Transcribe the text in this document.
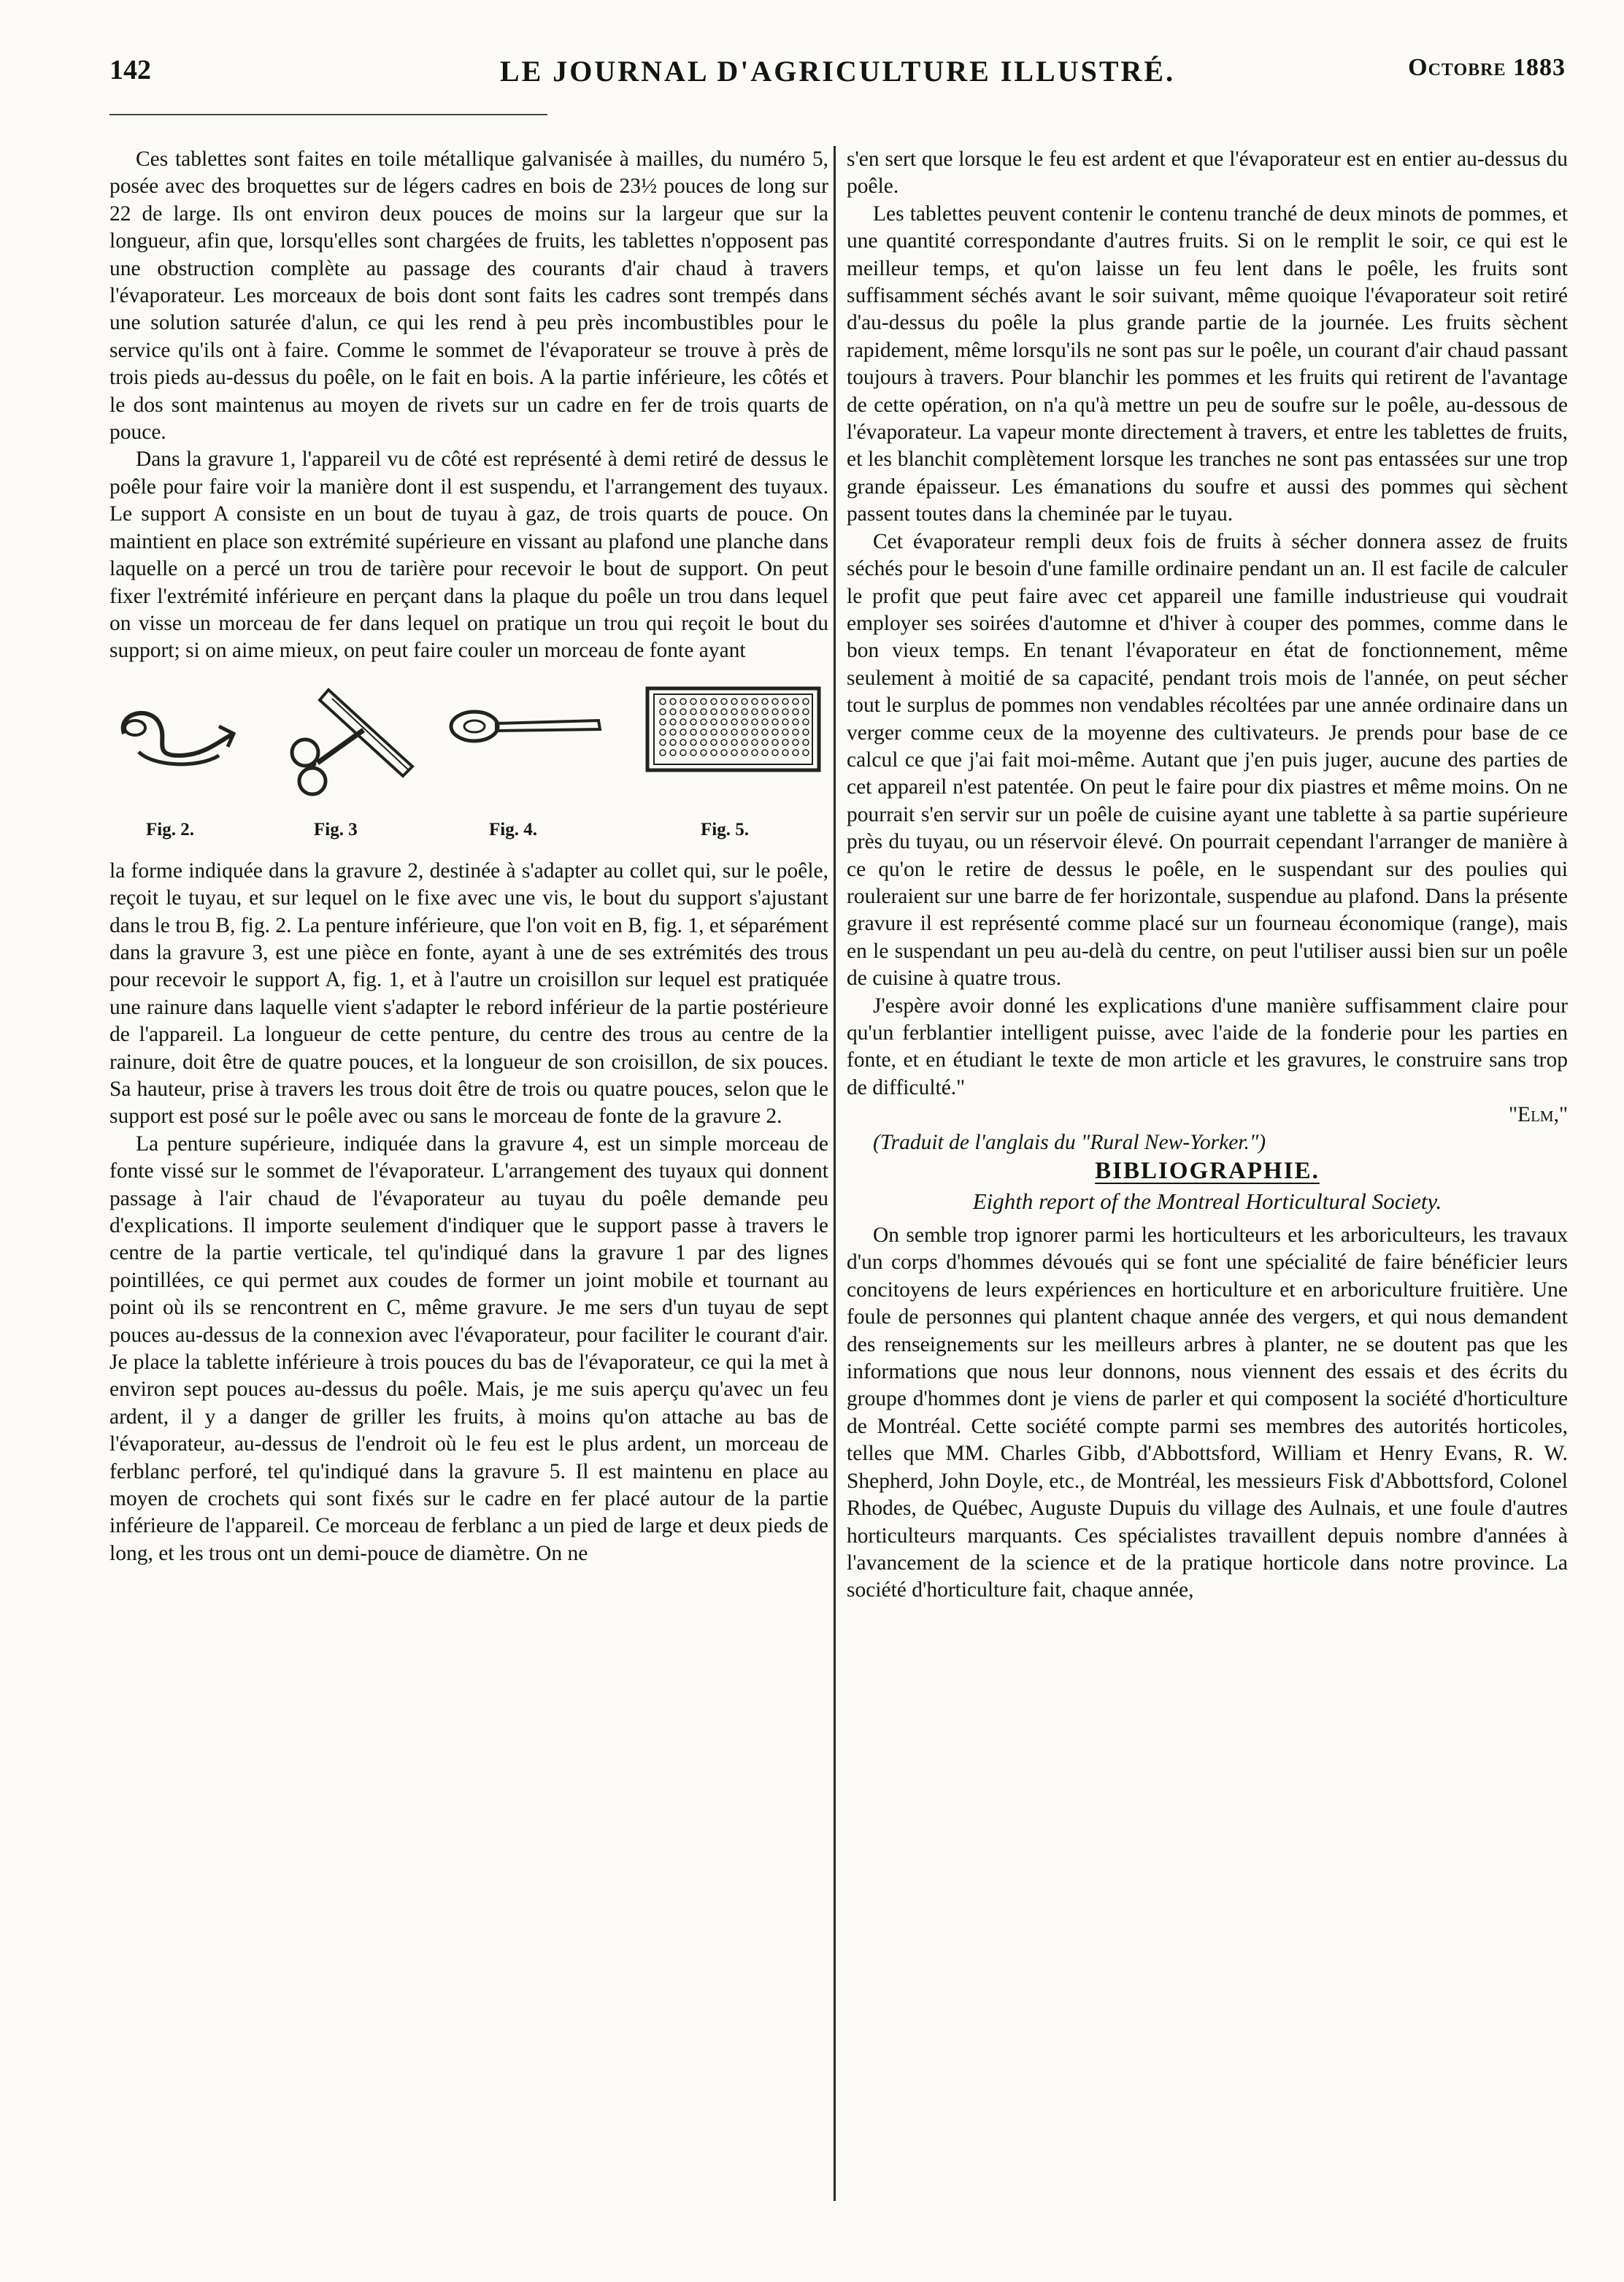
142	LE JOURNAL D'AGRICULTURE ILLUSTRÉ.	Octobre 1883

Ces tablettes sont faites en toile métallique galvanisée à mailles, du numéro 5, posée avec des broquettes sur de légers cadres en bois de 23½ pouces de long sur 22 de large. Ils ont environ deux pouces de moins sur la largeur que sur la longueur, afin que, lorsqu'elles sont chargées de fruits, les tablettes n'opposent pas une obstruction complète au passage des courants d'air chaud à travers l'évaporateur. Les morceaux de bois dont sont faits les cadres sont trempés dans une solution saturée d'alun, ce qui les rend à peu près incombustibles pour le service qu'ils ont à faire. Comme le sommet de l'évaporateur se trouve à près de trois pieds au-dessus du poêle, on le fait en bois. A la partie inférieure, les côtés et le dos sont maintenus au moyen de rivets sur un cadre en fer de trois quarts de pouce.

Dans la gravure 1, l'appareil vu de côté est représenté à demi retiré de dessus le poêle pour faire voir la manière dont il est suspendu, et l'arrangement des tuyaux. Le support A consiste en un bout de tuyau à gaz, de trois quarts de pouce. On maintient en place son extrémité supérieure en vissant au plafond une planche dans laquelle on a percé un trou de tarière pour recevoir le bout de support. On peut fixer l'extrémité inférieure en perçant dans la plaque du poêle un trou dans lequel on visse un morceau de fer dans lequel on pratique un trou qui reçoit le bout du support; si on aime mieux, on peut faire couler un morceau de fonte ayant

Fig. 2.	Fig. 3	Fig. 4.	Fig. 5.

la forme indiquée dans la gravure 2, destinée à s'adapter au collet qui, sur le poêle, reçoit le tuyau, et sur lequel on le fixe avec une vis, le bout du support s'ajustant dans le trou B, fig. 2. La penture inférieure, que l'on voit en B, fig. 1, et séparément dans la gravure 3, est une pièce en fonte, ayant à une de ses extrémités des trous pour recevoir le support A, fig. 1, et à l'autre un croisillon sur lequel est pratiquée une rainure dans laquelle vient s'adapter le rebord inférieur de la partie postérieure de l'appareil. La longueur de cette penture, du centre des trous au centre de la rainure, doit être de quatre pouces, et la longueur de son croisillon, de six pouces. Sa hauteur, prise à travers les trous doit être de trois ou quatre pouces, selon que le support est posé sur le poêle avec ou sans le morceau de fonte de la gravure 2.

La penture supérieure, indiquée dans la gravure 4, est un simple morceau de fonte vissé sur le sommet de l'évaporateur. L'arrangement des tuyaux qui donnent passage à l'air chaud de l'évaporateur au tuyau du poêle demande peu d'explications. Il importe seulement d'indiquer que le support passe à travers le centre de la partie verticale, tel qu'indiqué dans la gravure 1 par des lignes pointillées, ce qui permet aux coudes de former un joint mobile et tournant au point où ils se rencontrent en C, même gravure. Je me sers d'un tuyau de sept pouces au-dessus de la connexion avec l'évaporateur, pour faciliter le courant d'air. Je place la tablette inférieure à trois pouces du bas de l'évaporateur, ce qui la met à environ sept pouces au-dessus du poêle. Mais, je me suis aperçu qu'avec un feu ardent, il y a danger de griller les fruits, à moins qu'on attache au bas de l'évaporateur, au-dessus de l'endroit où le feu est le plus ardent, un morceau de ferblanc perforé, tel qu'indiqué dans la gravure 5. Il est maintenu en place au moyen de crochets qui sont fixés sur le cadre en fer placé autour de la partie inférieure de l'appareil. Ce morceau de ferblanc a un pied de large et deux pieds de long, et les trous ont un demi-pouce de diamètre. On ne

s'en sert que lorsque le feu est ardent et que l'évaporateur est en entier au-dessus du poêle.

Les tablettes peuvent contenir le contenu tranché de deux minots de pommes, et une quantité correspondante d'autres fruits. Si on le remplit le soir, ce qui est le meilleur temps, et qu'on laisse un feu lent dans le poêle, les fruits sont suffisamment séchés avant le soir suivant, même quoique l'évaporateur soit retiré d'au-dessus du poêle la plus grande partie de la journée. Les fruits sèchent rapidement, même lorsqu'ils ne sont pas sur le poêle, un courant d'air chaud passant toujours à travers. Pour blanchir les pommes et les fruits qui retirent de l'avantage de cette opération, on n'a qu'à mettre un peu de soufre sur le poêle, au-dessous de l'évaporateur. La vapeur monte directement à travers, et entre les tablettes de fruits, et les blanchit complètement lorsque les tranches ne sont pas entassées sur une trop grande épaisseur. Les émanations du soufre et aussi des pommes qui sèchent passent toutes dans la cheminée par le tuyau.

Cet évaporateur rempli deux fois de fruits à sécher donnera assez de fruits séchés pour le besoin d'une famille ordinaire pendant un an. Il est facile de calculer le profit que peut faire avec cet appareil une famille industrieuse qui voudrait employer ses soirées d'automne et d'hiver à couper des pommes, comme dans le bon vieux temps. En tenant l'évaporateur en état de fonctionnement, même seulement à moitié de sa capacité, pendant trois mois de l'année, on peut sécher tout le surplus de pommes non vendables récoltées par une année ordinaire dans un verger comme ceux de la moyenne des cultivateurs. Je prends pour base de ce calcul ce que j'ai fait moi-même. Autant que j'en puis juger, aucune des parties de cet appareil n'est patentée. On peut le faire pour dix piastres et même moins. On ne pourrait s'en servir sur un poêle de cuisine ayant une tablette à sa partie supérieure près du tuyau, ou un réservoir élevé. On pourrait cependant l'arranger de manière à ce qu'on le retire de dessus le poêle, en le suspendant sur des poulies qui rouleraient sur une barre de fer horizontale, suspendue au plafond. Dans la présente gravure il est représenté comme placé sur un fourneau économique (range), mais en le suspendant un peu au-delà du centre, on peut l'utiliser aussi bien sur un poêle de cuisine à quatre trous.

J'espère avoir donné les explications d'une manière suffisamment claire pour qu'un ferblantier intelligent puisse, avec l'aide de la fonderie pour les parties en fonte, et en étudiant le texte de mon article et les gravures, le construire sans trop de difficulté."

"Elm,"

(Traduit de l'anglais du "Rural New-Yorker.")

BIBLIOGRAPHIE.
Eighth report of the Montreal Horticultural Society.

On semble trop ignorer parmi les horticulteurs et les arboriculteurs, les travaux d'un corps d'hommes dévoués qui se font une spécialité de faire bénéficier leurs concitoyens de leurs expériences en horticulture et en arboriculture fruitière. Une foule de personnes qui plantent chaque année des vergers, et qui nous demandent des renseignements sur les meilleurs arbres à planter, ne se doutent pas que les informations que nous leur donnons, nous viennent des essais et des écrits du groupe d'hommes dont je viens de parler et qui composent la société d'horticulture de Montréal. Cette société compte parmi ses membres des autorités horticoles, telles que MM. Charles Gibb, d'Abbottsford, William et Henry Evans, R. W. Shepherd, John Doyle, etc., de Montréal, les messieurs Fisk d'Abbottsford, Colonel Rhodes, de Québec, Auguste Dupuis du village des Aulnais, et une foule d'autres horticulteurs marquants. Ces spécialistes travaillent depuis nombre d'années à l'avancement de la science et de la pratique horticole dans notre province. La société d'horticulture fait, chaque année,
